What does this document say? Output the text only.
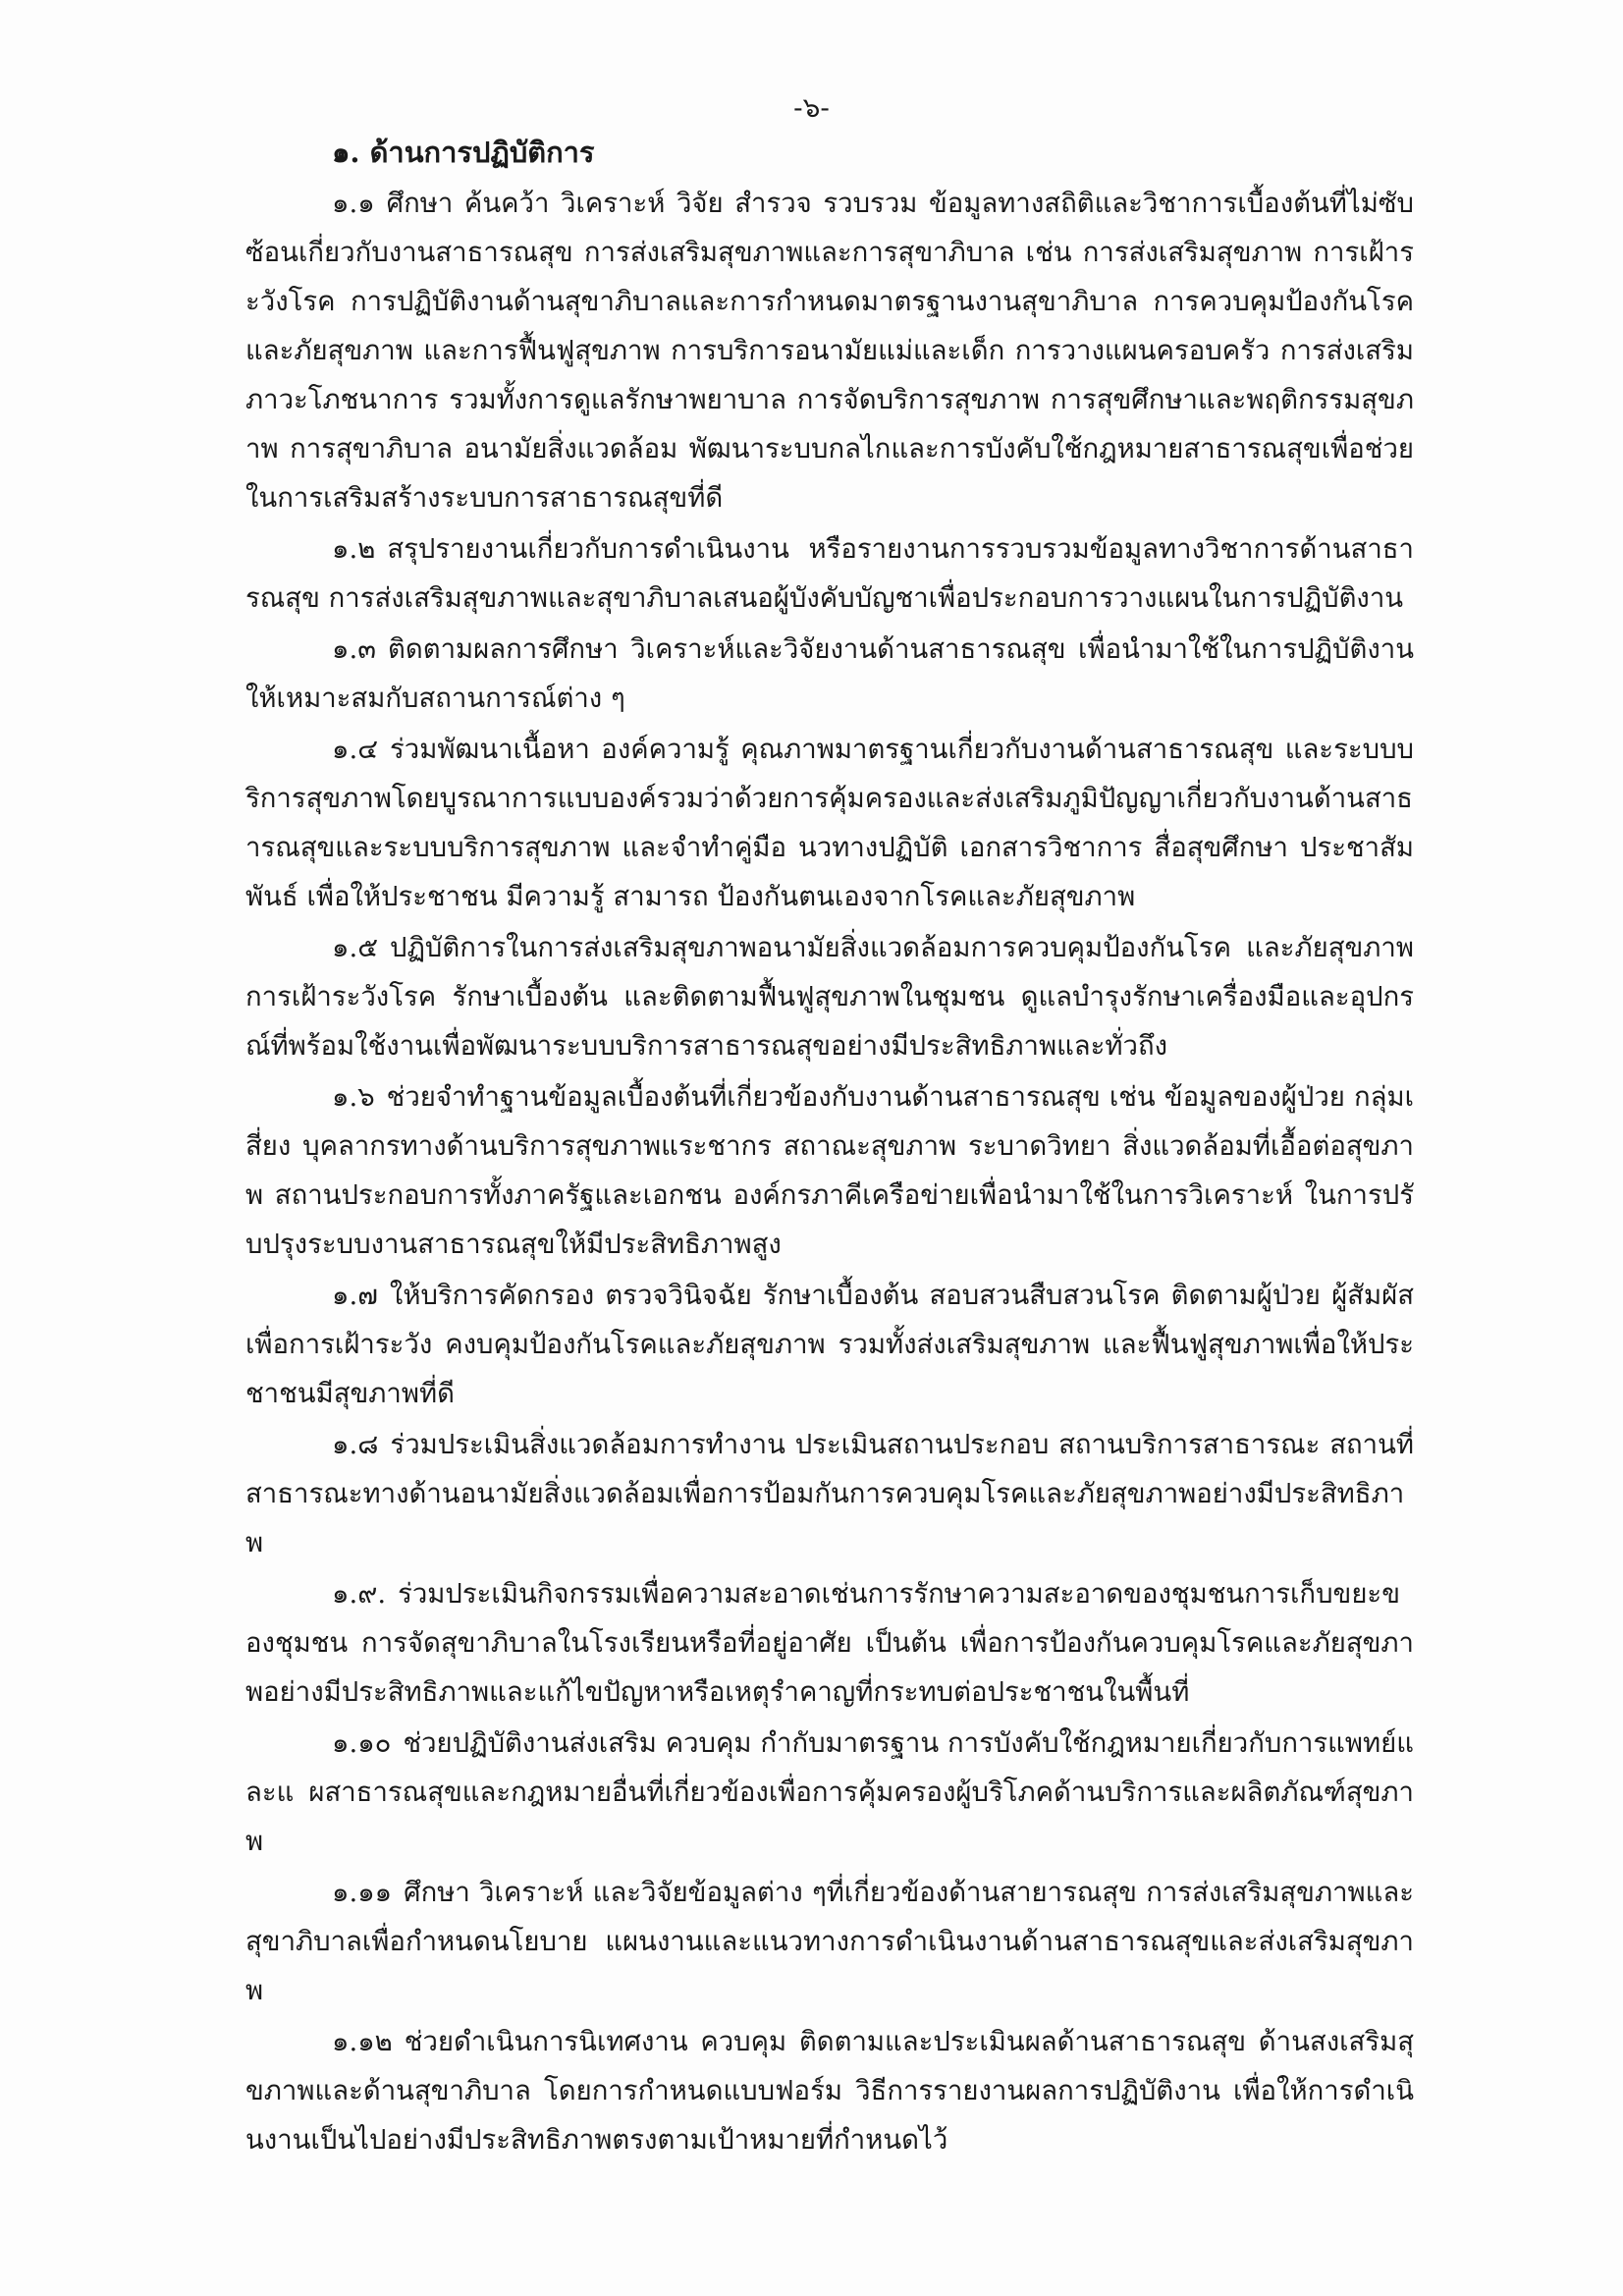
-๖-
๑. ด้านการปฏิบัติการ

๑.๑ ศึกษา ค้นคว้า วิเคราะห์ วิจัย สำรวจ รวบรวม ข้อมูลทางสถิติและวิชาการเบื้องต้นที่ไม่ซับซ้อนเกี่ยวกับงานสาธารณสุข การส่งเสริมสุขภาพและการสุขาภิบาล เช่น การส่งเสริมสุขภาพ การเฝ้าระวังโรค การปฏิบัติงานด้านสุขาภิบาลและการกำหนดมาตรฐานงานสุขาภิบาล การควบคุมป้องกันโรคและภัยสุขภาพ และการฟื้นฟูสุขภาพ การบริการอนามัยแม่และเด็ก การวางแผนครอบครัว การส่งเสริมภาวะโภชนาการ รวมทั้งการดูแลรักษาพยาบาล การจัดบริการสุขภาพ การสุขศึกษาและพฤติกรรมสุขภาพ การสุขาภิบาล อนามัยสิ่งแวดล้อม พัฒนาระบบกลไกและการบังคับใช้กฎหมายสาธารณสุขเพื่อช่วยในการเสริมสร้างระบบการสาธารณสุขที่ดี

๑.๒ สรุปรายงานเกี่ยวกับการดำเนินงาน หรือรายงานการรวบรวมข้อมูลทางวิชาการด้านสาธารณสุข การส่งเสริมสุขภาพและสุขาภิบาลเสนอผู้บังคับบัญชาเพื่อประกอบการวางแผนในการปฏิบัติงาน

๑.๓ ติดตามผลการศึกษา วิเคราะห์และวิจัยงานด้านสาธารณสุข เพื่อนำมาใช้ในการปฏิบัติงานให้เหมาะสมกับสถานการณ์ต่าง ๆ

๑.๔ ร่วมพัฒนาเนื้อหา องค์ความรู้ คุณภาพมาตรฐานเกี่ยวกับงานด้านสาธารณสุข และระบบบริการสุขภาพโดยบูรณาการแบบองค์รวมว่าด้วยการคุ้มครองและส่งเสริมภูมิปัญญาเกี่ยวกับงานด้านสาธารณสุขและระบบบริการสุขภาพ และจำทำคู่มือ นวทางปฏิบัติ เอกสารวิชาการ สื่อสุขศึกษา ประชาสัมพันธ์ เพื่อให้ประชาชน มีความรู้ สามารถ ป้องกันตนเองจากโรคและภัยสุขภาพ

๑.๕ ปฏิบัติการในการส่งเสริมสุขภาพอนามัยสิ่งแวดล้อมการควบคุมป้องกันโรค และภัยสุขภาพ การเฝ้าระวังโรค รักษาเบื้องต้น และติดตามฟื้นฟูสุขภาพในชุมชน ดูแลบำรุงรักษาเครื่องมือและอุปกรณ์ที่พร้อมใช้งานเพื่อพัฒนาระบบบริการสาธารณสุขอย่างมีประสิทธิภาพและทั่วถึง

๑.๖ ช่วยจำทำฐานข้อมูลเบื้องต้นที่เกี่ยวข้องกับงานด้านสาธารณสุข เช่น ข้อมูลของผู้ป่วย กลุ่มเสี่ยง บุคลากรทางด้านบริการสุขภาพแระชากร สถาณะสุขภาพ ระบาดวิทยา สิ่งแวดล้อมที่เอื้อต่อสุขภาพ สถานประกอบการทั้งภาครัฐและเอกชน องค์กรภาคีเครือข่ายเพื่อนำมาใช้ในการวิเคราะห์ ในการปรับปรุงระบบงานสาธารณสุขให้มีประสิทธิภาพสูง

๑.๗ ให้บริการคัดกรอง ตรวจวินิจฉัย รักษาเบื้องต้น สอบสวนสืบสวนโรค ติดตามผู้ป่วย ผู้สัมผัส เพื่อการเฝ้าระวัง คงบคุมป้องกันโรคและภัยสุขภาพ รวมทั้งส่งเสริมสุขภาพ และฟื้นฟูสุขภาพเพื่อให้ประชาชนมีสุขภาพที่ดี

๑.๘ ร่วมประเมินสิ่งแวดล้อมการทำงาน ประเมินสถานประกอบ สถานบริการสาธารณะ สถานที่สาธารณะทางด้านอนามัยสิ่งแวดล้อมเพื่อการป้อมกันการควบคุมโรคและภัยสุขภาพอย่างมีประสิทธิภาพ

๑.๙. ร่วมประเมินกิจกรรมเพื่อความสะอาดเช่นการรักษาความสะอาดของชุมชนการเก็บขยะของชุมชน การจัดสุขาภิบาลในโรงเรียนหรือที่อยู่อาศัย เป็นต้น เพื่อการป้องกันควบคุมโรคและภัยสุขภาพอย่างมีประสิทธิภาพและแก้ไขปัญหาหรือเหตุรำคาญที่กระทบต่อประชาชนในพื้นที่

๑.๑๐ ช่วยปฏิบัติงานส่งเสริม ควบคุม กำกับมาตรฐาน การบังคับใช้กฎหมายเกี่ยวกับการแพทย์และแ ผสาธารณสุขและกฎหมายอื่นที่เกี่ยวข้องเพื่อการคุ้มครองผู้บริโภคด้านบริการและผลิตภัณฑ์สุขภาพ

๑.๑๑ ศึกษา วิเคราะห์ และวิจัยข้อมูลต่าง ๆที่เกี่ยวข้องด้านสายารณสุข การส่งเสริมสุขภาพและสุขาภิบาลเพื่อกำหนดนโยบาย แผนงานและแนวทางการดำเนินงานด้านสาธารณสุขและส่งเสริมสุขภาพ

๑.๑๒ ช่วยดำเนินการนิเทศงาน ควบคุม ติดตามและประเมินผลด้านสาธารณสุข ด้านสงเสริมสุขภาพและด้านสุขาภิบาล โดยการกำหนดแบบฟอร์ม วิธีการรายงานผลการปฏิบัติงาน เพื่อให้การดำเนินงานเป็นไปอย่างมีประสิทธิภาพตรงตามเป้าหมายที่กำหนดไว้
